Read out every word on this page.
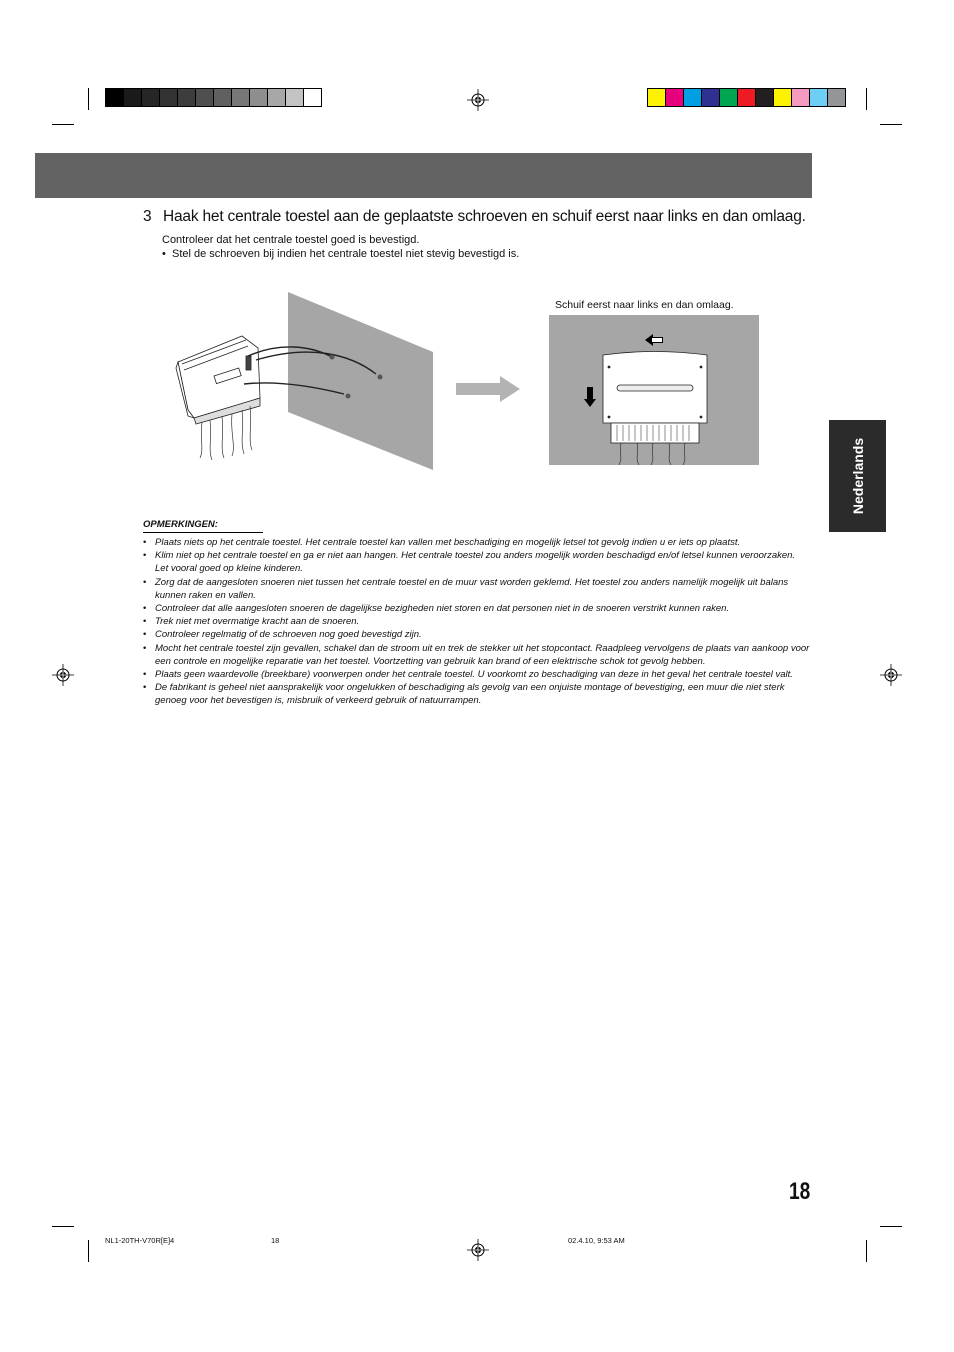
3 Haak het centrale toestel aan de geplaatste schroeven en schuif eerst naar links en dan omlaag.
Controleer dat het centrale toestel goed is bevestigd.
• Stel de schroeven bij indien het centrale toestel niet stevig bevestigd is.
Schuif eerst naar links en dan omlaag.
Nederlands
OPMERKINGEN:
• Plaats niets op het centrale toestel. Het centrale toestel kan vallen met beschadiging en mogelijk letsel tot gevolg indien u er iets op plaatst.
• Klim niet op het centrale toestel en ga er niet aan hangen. Het centrale toestel zou anders mogelijk worden beschadigd en/of letsel kunnen veroorzaken.
Let vooral goed op kleine kinderen.
• Zorg dat de aangesloten snoeren niet tussen het centrale toestel en de muur vast worden geklemd. Het toestel zou anders namelijk mogelijk uit balans kunnen raken en vallen.
• Controleer dat alle aangesloten snoeren de dagelijkse bezigheden niet storen en dat personen niet in de snoeren verstrikt kunnen raken.
• Trek niet met overmatige kracht aan de snoeren.
• Controleer regelmatig of de schroeven nog goed bevestigd zijn.
• Mocht het centrale toestel zijn gevallen, schakel dan de stroom uit en trek de stekker uit het stopcontact. Raadpleeg vervolgens de plaats van aankoop voor een controle en mogelijke reparatie van het toestel. Voortzetting van gebruik kan brand of een elektrische schok tot gevolg hebben.
• Plaats geen waardevolle (breekbare) voorwerpen onder het centrale toestel. U voorkomt zo beschadiging van deze in het geval het centrale toestel valt.
• De fabrikant is geheel niet aansprakelijk voor ongelukken of beschadiging als gevolg van een onjuiste montage of bevestiging, een muur die niet sterk genoeg voor het bevestigen is, misbruik of verkeerd gebruik of natuurrampen.
18
NL1-20TH-V70R[E]4	18	02.4.10, 9:53 AM
